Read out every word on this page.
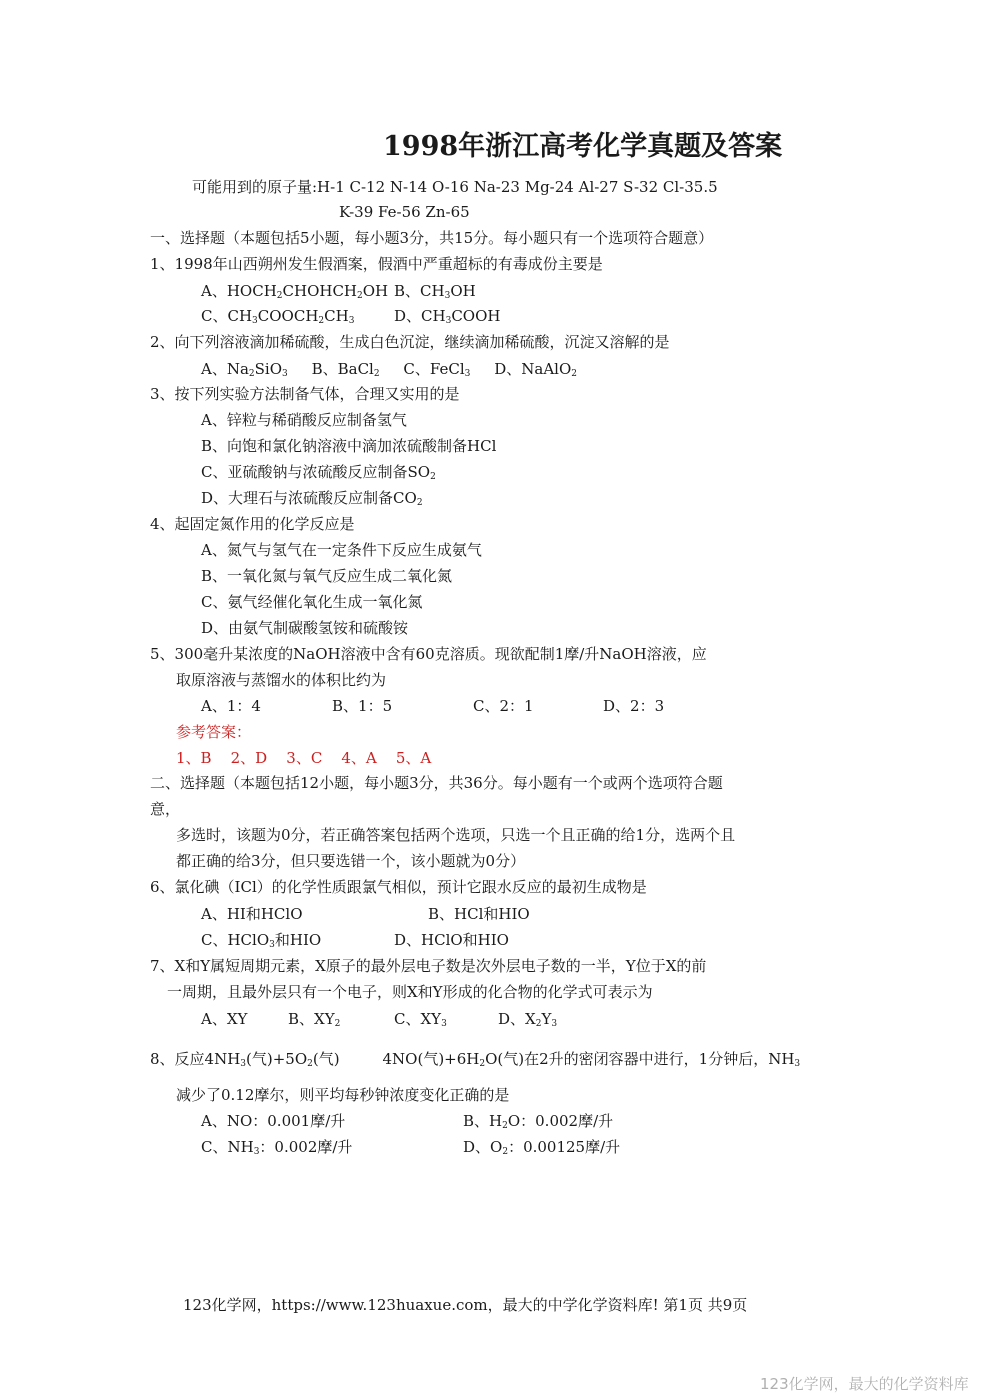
1998年浙江高考化学真题及答案
可能用到的原子量:H-1 C-12 N-14 O-16 Na-23 Mg-24 Al-27 S-32 Cl-35.5
K-39 Fe-56 Zn-65
一、选择题（本题包括5小题，每小题3分，共15分。每小题只有一个选项符合题意）
1、1998年山西朔州发生假酒案，假酒中严重超标的有毒成份主要是
A、$HOCH_2CHOHCH_2OH$ B、$CH_3OH$
C、$CH_3COOCH_2CH_3$	D、$CH_3COOH$
2、向下列溶液滴加稀硫酸，生成白色沉淀，继续滴加稀硫酸，沉淀又溶解的是
A、$Na_2SiO_3$     B、BaCl$_2$     C、FeCl$_3$     D、NaAlO$_2$
3、按下列实验方法制备气体，合理又实用的是
A、锌粒与稀硝酸反应制备氢气
B、向饱和氯化钠溶液中滴加浓硫酸制备HCl
C、亚硫酸钠与浓硫酸反应制备$SO_2$
D、大理石与浓硫酸反应制备$CO_2$
4、起固定氮作用的化学反应是
A、氮气与氢气在一定条件下反应生成氨气
B、一氧化氮与氧气反应生成二氧化氮
C、氨气经催化氧化生成一氧化氮
D、由氨气制碳酸氢铵和硫酸铵
5、300毫升某浓度的NaOH溶液中含有60克溶质。现欲配制1摩/升NaOH溶液，应
取原溶液与蒸馏水的体积比约为
A、1：4	B、1：5	C、2：1	D、2：3
参考答案：
1、B    2、D    3、C    4、A    5、A
二、选择题（本题包括12小题，每小题3分，共36分。每小题有一个或两个选项符合题
意，
多选时，该题为0分，若正确答案包括两个选项，只选一个且正确的给1分，选两个且
都正确的给3分，但只要选错一个，该小题就为0分）
6、氯化碘（ICl）的化学性质跟氯气相似，预计它跟水反应的最初生成物是
A、HI和HClO	B、HCl和HIO
C、HClO$_3$和HIO	D、HClO和HIO
7、X和Y属短周期元素，X原子的最外层电子数是次外层电子数的一半，Y位于X的前
一周期，且最外层只有一个电子，则X和Y形成的化合物的化学式可表示为
A、XY	B、$XY_2$	C、$XY_3$	D、$X_2Y_3$
8、反应$4NH_3$(气)$+5O_2$(气)         4NO(气)$+6H_2O$(气)在2升的密闭容器中进行，1分钟后，$NH_3$
减少了0.12摩尔，则平均每秒钟浓度变化正确的是
A、NO：0.001摩/升	B、$H_2O$：0.002摩/升
C、$NH_3$：0.002摩/升	D、$O_2$：0.00125摩/升
123化学网，https://www.123huaxue.com，最大的中学化学资料库! 第1页 共9页
123化学网，最大的化学资料库
